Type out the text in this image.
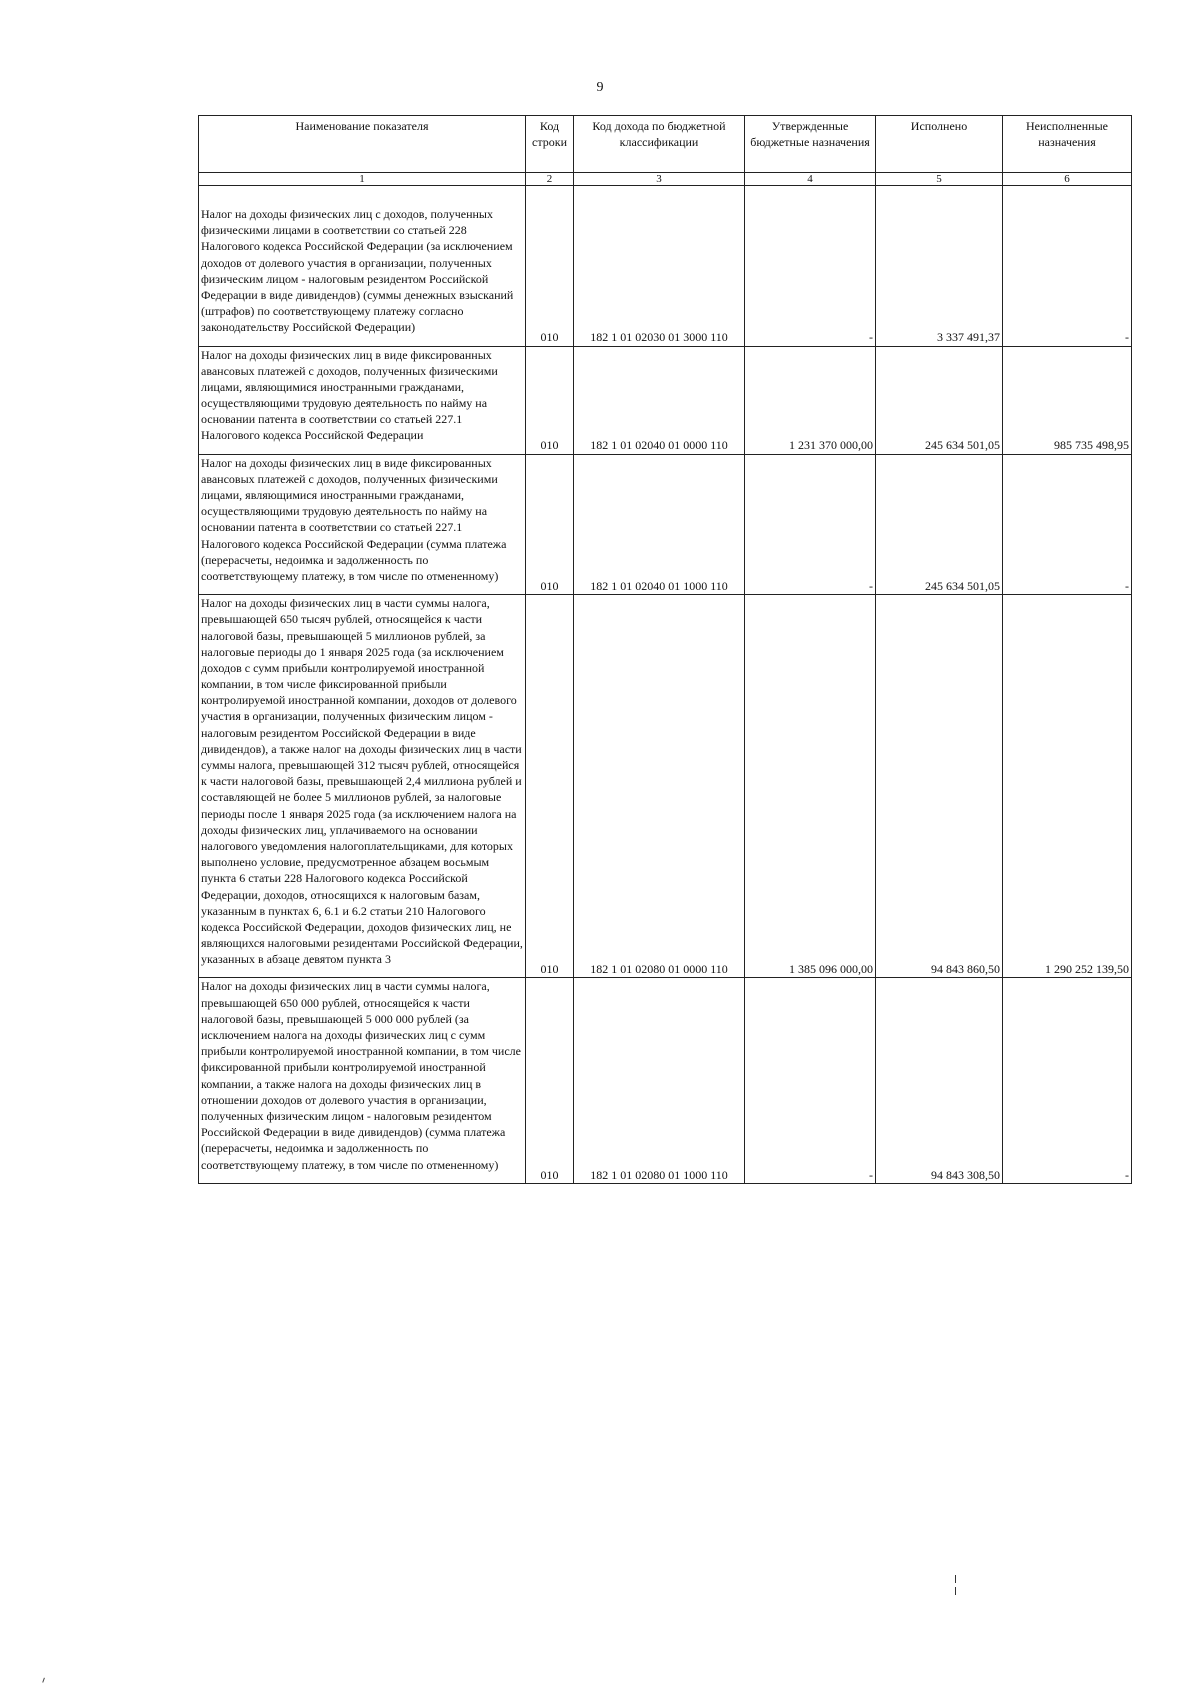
9
Наименование показателя	Код строки	Код дохода по бюджетной классификации	Утвержденные бюджетные назначения	Исполнено	Неисполненные назначения
1	2	3	4	5	6
Налог на доходы физических лиц с доходов, полученных физическими лицами в соответствии со статьей 228 Налогового кодекса Российской Федерации (за исключением доходов от долевого участия в организации, полученных физическим лицом - налоговым резидентом Российской Федерации в виде дивидендов) (суммы денежных взысканий (штрафов) по соответствующему платежу согласно законодательству Российской Федерации)	010	182 1 01 02030 01 3000 110	-	3 337 491,37	-
Налог на доходы физических лиц в виде фиксированных авансовых платежей с доходов, полученных физическими лицами, являющимися иностранными гражданами, осуществляющими трудовую деятельность по найму на основании патента в соответствии со статьей 227.1 Налогового кодекса Российской Федерации	010	182 1 01 02040 01 0000 110	1 231 370 000,00	245 634 501,05	985 735 498,95
Налог на доходы физических лиц в виде фиксированных авансовых платежей с доходов, полученных физическими лицами, являющимися иностранными гражданами, осуществляющими трудовую деятельность по найму на основании патента в соответствии со статьей 227.1 Налогового кодекса Российской Федерации (сумма платежа (перерасчеты, недоимка и задолженность по соответствующему платежу, в том числе по отмененному)	010	182 1 01 02040 01 1000 110	-	245 634 501,05	-
Налог на доходы физических лиц в части суммы налога, превышающей 650 тысяч рублей, относящейся к части налоговой базы, превышающей 5 миллионов рублей, за налоговые периоды до 1 января 2025 года (за исключением доходов с сумм прибыли контролируемой иностранной компании, в том числе фиксированной прибыли контролируемой иностранной компании, доходов от долевого участия в организации, полученных физическим лицом - налоговым резидентом Российской Федерации в виде дивидендов), а также налог на доходы физических лиц в части суммы налога, превышающей 312 тысяч рублей, относящейся к части налоговой базы, превышающей 2,4 миллиона рублей и составляющей не более 5 миллионов рублей, за налоговые периоды после 1 января 2025 года (за исключением налога на доходы физических лиц, уплачиваемого на основании налогового уведомления налогоплательщиками, для которых выполнено условие, предусмотренное абзацем восьмым пункта 6 статьи 228 Налогового кодекса Российской Федерации, доходов, относящихся к налоговым базам, указанным в пунктах 6, 6.1 и 6.2 статьи 210 Налогового кодекса Российской Федерации, доходов физических лиц, не являющихся налоговыми резидентами Российской Федерации, указанных в абзаце девятом пункта 3	010	182 1 01 02080 01 0000 110	1 385 096 000,00	94 843 860,50	1 290 252 139,50
Налог на доходы физических лиц в части суммы налога, превышающей 650 000 рублей, относящейся к части налоговой базы, превышающей 5 000 000 рублей (за исключением налога на доходы физических лиц с сумм прибыли контролируемой иностранной компании, в том числе фиксированной прибыли контролируемой иностранной компании, а также налога на доходы физических лиц в отношении доходов от долевого участия в организации, полученных физическим лицом - налоговым резидентом Российской Федерации в виде дивидендов) (сумма платежа (перерасчеты, недоимка и задолженность по соответствующему платежу, в том числе по отмененному)	010	182 1 01 02080 01 1000 110	-	94 843 308,50	-
